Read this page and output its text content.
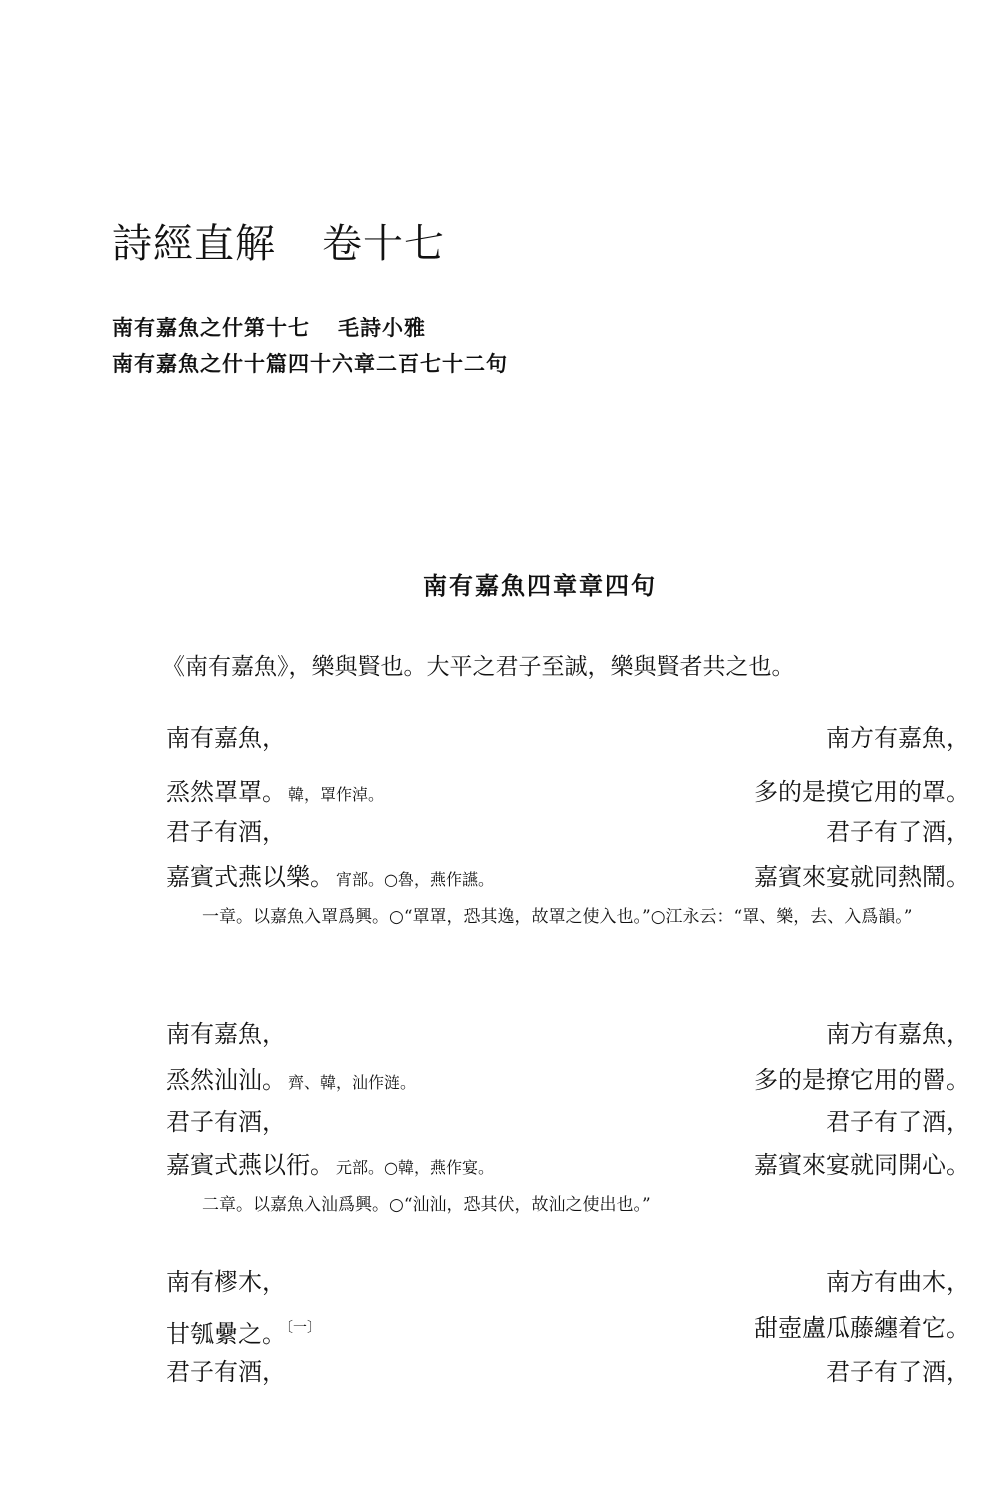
詩經直解 卷十七
南有嘉魚之什第十七 毛詩小雅
南有嘉魚之什十篇四十六章二百七十二句
南有嘉魚四章章四句
《南有嘉魚》，樂與賢也。大平之君子至誠，樂與賢者共之也。
南有嘉魚，	南方有嘉魚，
烝然罩罩。 韓，罩作淖。	多的是摸它用的罩。
君子有酒，	君子有了酒，
嘉賓式燕以樂。 宵部。○魯，燕作讌。	嘉賓來宴就同熱鬧。

一章。以嘉魚入罩爲興。○“罩罩，恐其逸，故罩之使入也。”○江永云：“罩、樂，去、入爲韻。”

南有嘉魚，	南方有嘉魚，
烝然汕汕。 齊、韓，汕作涟。	多的是撩它用的罾。
君子有酒，	君子有了酒，
嘉賓式燕以衎。 元部。○韓，燕作宴。	嘉賓來宴就同開心。

二章。以嘉魚入汕爲興。○“汕汕，恐其伏，故汕之使出也。”

南有樛木，	南方有曲木，
甘瓠纍之。$^{〔一〕}$	甜壺盧瓜藤纏着它。
君子有酒，	君子有了酒，
